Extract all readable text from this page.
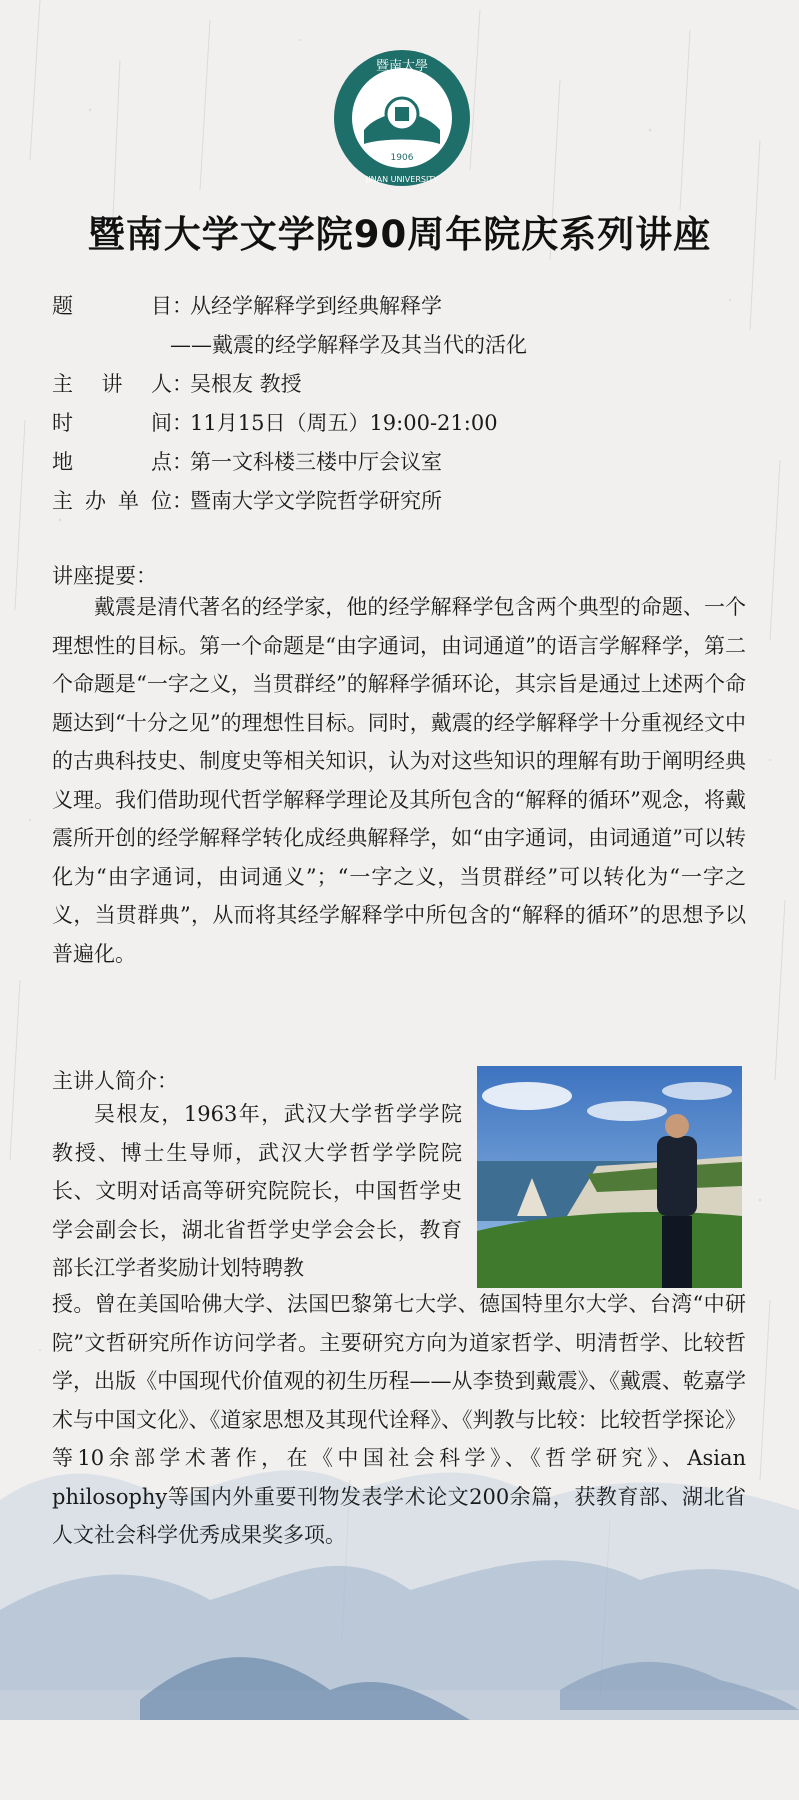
1906
暨南大學
JINAN UNIVERSITY
暨南大学文学院90周年院庆系列讲座
题目：从经学解释学到经典解释学
——戴震的经学解释学及其当代的活化
主讲人：吴根友 教授
时间：11月15日（周五）19:00-21:00
地点：第一文科楼三楼中厅会议室
主办单位：暨南大学文学院哲学研究所
讲座提要：
戴震是清代著名的经学家，他的经学解释学包含两个典型的命题、一个理想性的目标。第一个命题是“由字通词，由词通道”的语言学解释学，第二个命题是“一字之义，当贯群经”的解释学循环论，其宗旨是通过上述两个命题达到“十分之见”的理想性目标。同时，戴震的经学解释学十分重视经文中的古典科技史、制度史等相关知识，认为对这些知识的理解有助于阐明经典义理。我们借助现代哲学解释学理论及其所包含的“解释的循环”观念，将戴震所开创的经学解释学转化成经典解释学，如“由字通词，由词通道”可以转化为“由字通词，由词通义”；“一字之义，当贯群经”可以转化为“一字之义，当贯群典”，从而将其经学解释学中所包含的“解释的循环”的思想予以普遍化。
主讲人简介：
吴根友，1963年，武汉大学哲学学院教授、博士生导师，武汉大学哲学学院院长、文明对话高等研究院院长，中国哲学史学会副会长，湖北省哲学史学会会长，教育部长江学者奖励计划特聘教
授。曾在美国哈佛大学、法国巴黎第七大学、德国特里尔大学、台湾“中研院”文哲研究所作访问学者。主要研究方向为道家哲学、明清哲学、比较哲学，出版《中国现代价值观的初生历程——从李贽到戴震》、《戴震、乾嘉学术与中国文化》、《道家思想及其现代诠释》、《判教与比较：比较哲学探论》等10余部学术著作，在《中国社会科学》、《哲学研究》、Asian philosophy等国内外重要刊物发表学术论文200余篇，获教育部、湖北省人文社会科学优秀成果奖多项。
